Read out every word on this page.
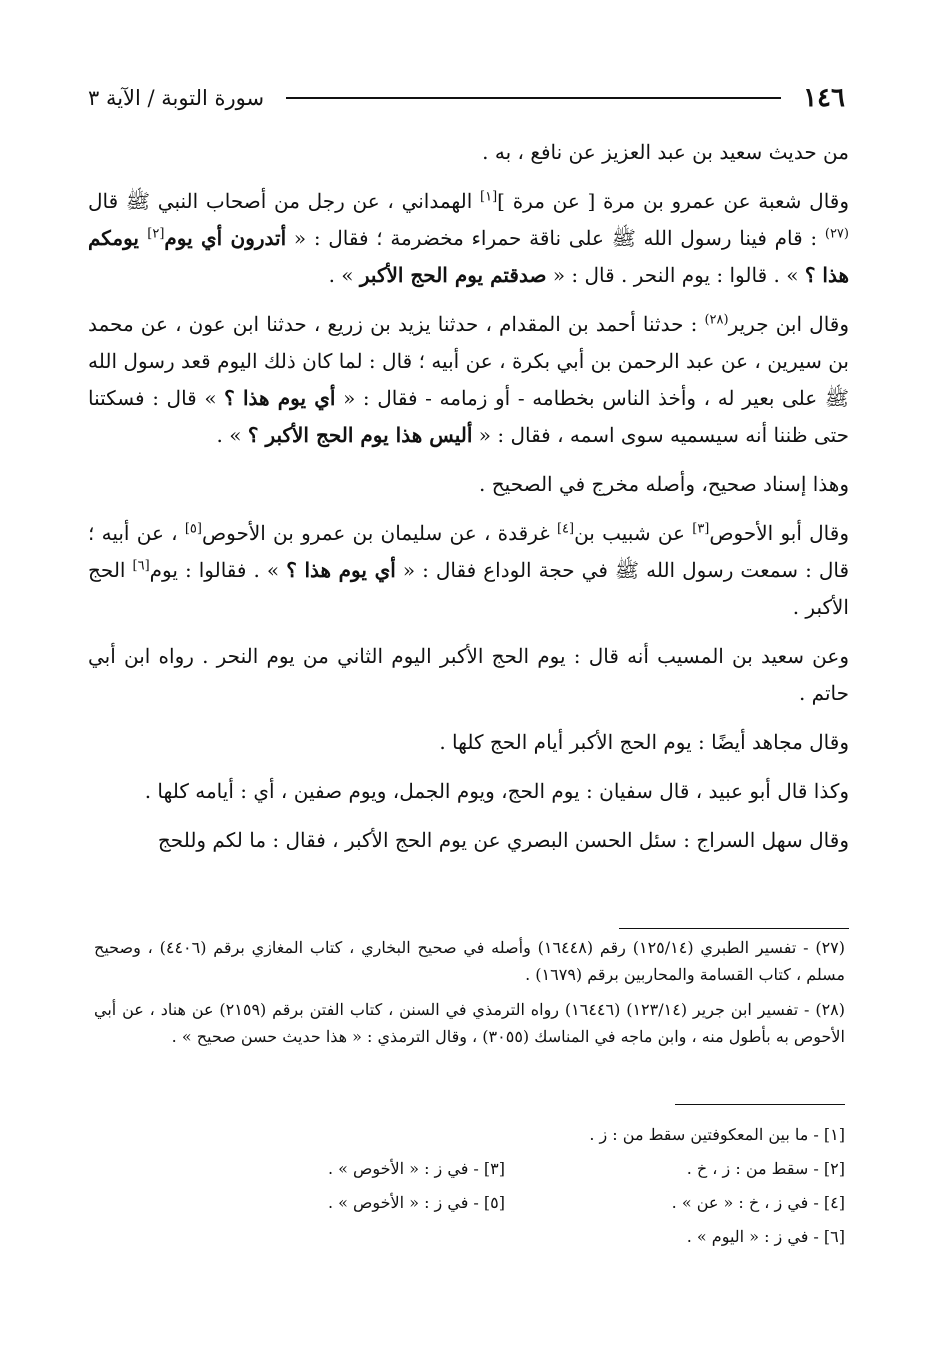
١٤٦
سورة التوبة / الآية ٣

من حديث سعيد بن عبد العزيز عن نافع ، به .

وقال شعبة عن عمرو بن مرة [ عن مرة ][١] الهمداني ، عن رجل من أصحاب النبي ﷺ قال $^{(٢٧)}$ : قام فينا رسول الله ﷺ على ناقة حمراء مخضرمة ؛ فقال : « أتدرون أي يوم[٢] يومكم هذا ؟ » . قالوا : يوم النحر . قال : « صدقتم يوم الحج الأكبر » .

وقال ابن جرير$^{(٢٨)}$ : حدثنا أحمد بن المقدام ، حدثنا يزيد بن زريع ، حدثنا ابن عون ، عن محمد بن سيرين ، عن عبد الرحمن بن أبي بكرة ، عن أبيه ؛ قال : لما كان ذلك اليوم قعد رسول الله ﷺ على بعير له ، وأخذ الناس بخطامه - أو زمامه - فقال : « أي يوم هذا ؟ » قال : فسكتنا حتى ظننا أنه سيسميه سوى اسمه ، فقال : « أليس هذا يوم الحج الأكبر ؟ » .

وهذا إسناد صحيح، وأصله مخرج في الصحيح .

وقال أبو الأحوص[٣] عن شبيب بن[٤] غرقدة ، عن سليمان بن عمرو بن الأحوص[٥] ، عن أبيه ؛ قال : سمعت رسول الله ﷺ في حجة الوداع فقال : « أي يوم هذا ؟ » . فقالوا : يوم[٦] الحج الأكبر .

وعن سعيد بن المسيب أنه قال : يوم الحج الأكبر اليوم الثاني من يوم النحر . رواه ابن أبي حاتم .

وقال مجاهد أيضًا : يوم الحج الأكبر أيام الحج كلها .

وكذا قال أبو عبيد ، قال سفيان : يوم الحج، ويوم الجمل، ويوم صفين ، أي : أيامه كلها .

وقال سهل السراج : سئل الحسن البصري عن يوم الحج الأكبر ، فقال : ما لكم وللحج

(٢٧) - تفسير الطبري (١٢٥/١٤) رقم (١٦٤٤٨) وأصله في صحيح البخاري ، كتاب المغازي برقم (٤٤٠٦) ، وصحيح مسلم ، كتاب القسامة والمحاربين برقم (١٦٧٩) .

(٢٨) - تفسير ابن جرير (١٢٣/١٤) (١٦٤٤٦) رواه الترمذي في السنن ، كتاب الفتن برقم (٢١٥٩) عن هناد ، عن أبي الأحوص به بأطول منه ، وابن ماجه في المناسك (٣٠٥٥) ، وقال الترمذي : « هذا حديث حسن صحيح » .

[١] - ما بين المعكوفتين سقط من : ز .
[٢] - سقط من : ز ، خ .
[٣] - في ز : « الأخوص » .
[٤] - في ز ، خ : « عن » .
[٥] - في ز : « الأخوص » .
[٦] - في ز : « اليوم » .
